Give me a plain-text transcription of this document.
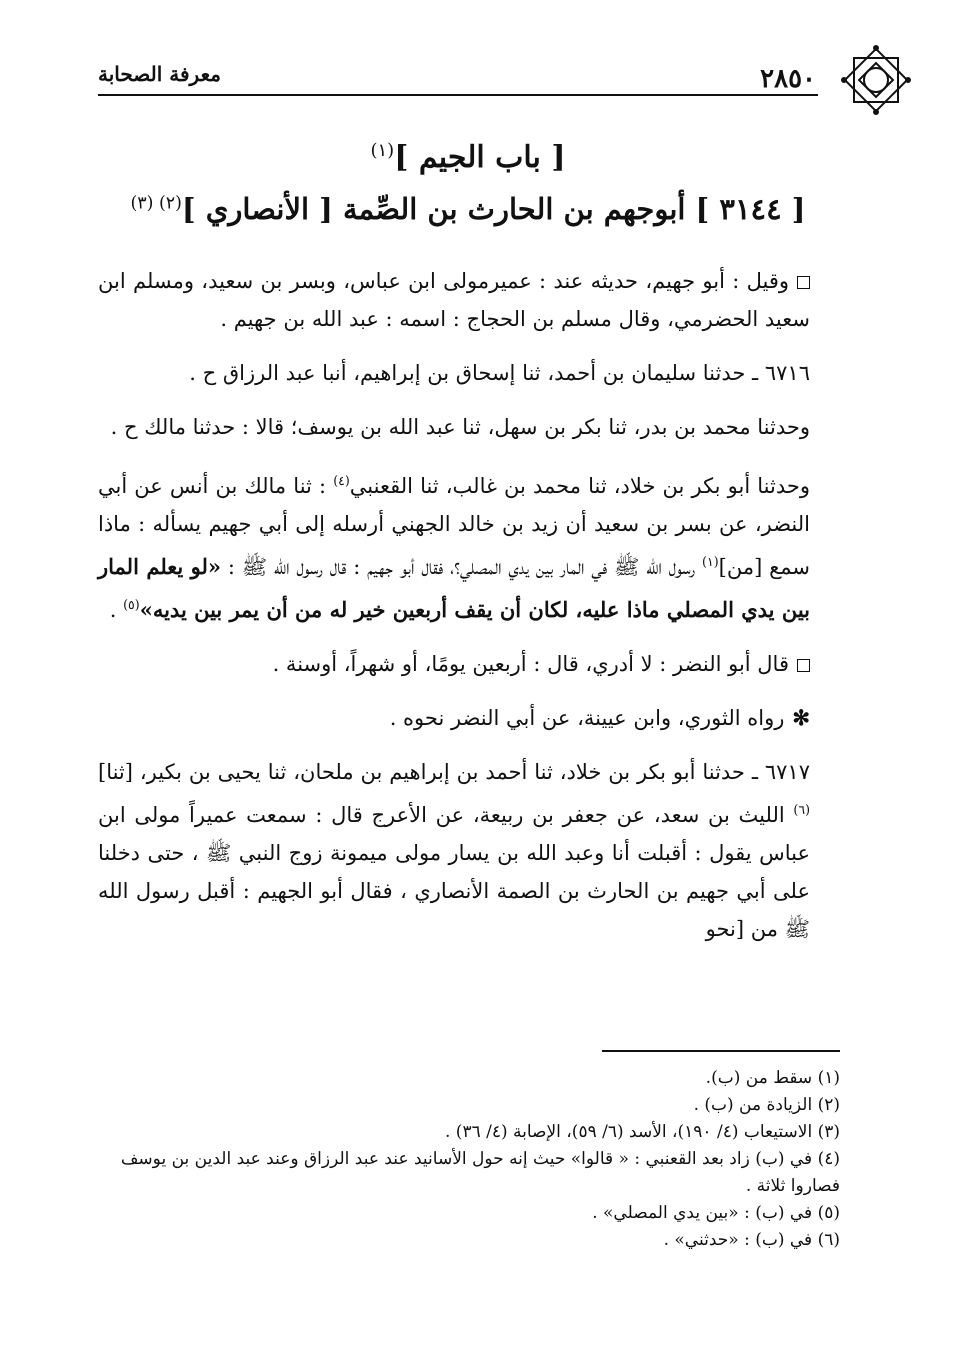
٢٨٥٠
معرفة الصحابة
[ باب الجيم ]$^{(١)}$
[ ٣١٤٤ ] أبوجهم بن الحارث بن الصِّمة [ الأنصاري ]$^{(٢) (٣)}$

وقيل : أبو جهيم، حديثه عند : عميرمولى ابن عباس، وبسر بن سعيد، ومسلم ابن سعيد الحضرمي، وقال مسلم بن الحجاج : اسمه : عبد الله بن جهيم .

٦٧١٦ ـ حدثنا سليمان بن أحمد، ثنا إسحاق بن إبراهيم، أنبا عبد الرزاق ح .

وحدثنا محمد بن بدر، ثنا بكر بن سهل، ثنا عبد الله بن يوسف؛ قالا : حدثنا مالك ح .

وحدثنا أبو بكر بن خلاد، ثنا محمد بن غالب، ثنا القعنبي$^{(٤)}$ : ثنا مالك بن أنس عن أبي النضر، عن بسر بن سعيد أن زيد بن خالد الجهني أرسله إلى أبي جهيم يسأله : ماذا سمع [من]$^{(١)}$ رسول الله ﷺ في المار بين يدي المصلي؟، فقال أبو جهيم : قال رسول الله ﷺ : «لو يعلم المار بين يدي المصلي ماذا عليه، لكان أن يقف أربعين خير له من أن يمر بين يديه»$^{(٥)}$ .

قال أبو النضر : لا أدري، قال : أربعين يومًا، أو شهراً، أوسنة .

✻رواه الثوري، وابن عيينة، عن أبي النضر نحوه .

٦٧١٧ ـ حدثنا أبو بكر بن خلاد، ثنا أحمد بن إبراهيم بن ملحان، ثنا يحيى بن بكير، [ثنا]$^{(٦)}$ الليث بن سعد، عن جعفر بن ربيعة، عن الأعرج قال : سمعت عميراً مولى ابن عباس يقول : أقبلت أنا وعبد الله بن يسار مولى ميمونة زوج النبي ﷺ ، حتى دخلنا على أبي جهيم بن الحارث بن الصمة الأنصاري ، فقال أبو الجهيم : أقبل رسول الله ﷺ من [نحو

(١) سقط من (ب).

(٢) الزيادة من (ب) .

(٣) الاستيعاب (٤/ ١٩٠)، الأسد (٦/ ٥٩)، الإصابة (٤/ ٣٦) .

(٤) في (ب) زاد بعد القعنبي : « قالوا» حيث إنه حول الأسانيد عند عبد الرزاق وعند عبد الدين بن يوسف فصاروا ثلاثة .

(٥) في (ب) : «بين يدي المصلي» .

(٦) في (ب) : «حدثني» .
